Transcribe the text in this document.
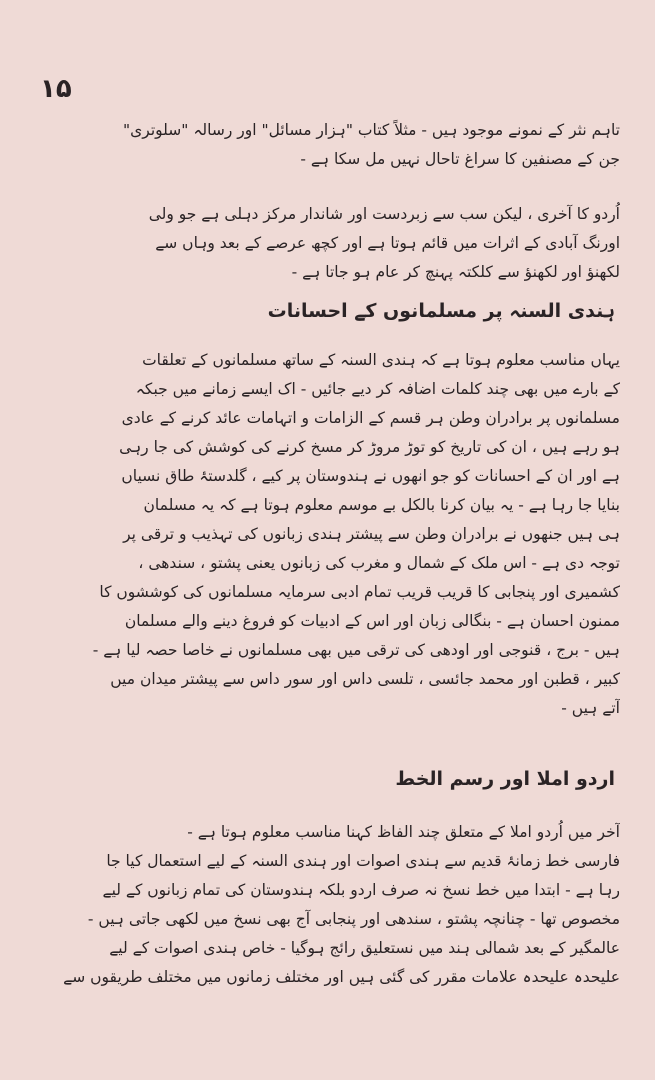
۱۵
تاہم نثر کے نمونے موجود ہیں - مثلاً کتاب "ہزار مسائل" اور رسالہ "سلوتری"
جن کے مصنفین کا سراغ تاحال نہیں مل سکا ہے -
اُردو کا آخری ، لیکن سب سے زبردست اور شاندار مرکز دہلی ہے جو ولی
اورنگ آبادی کے اثرات میں قائم ہوتا ہے اور کچھ عرصے کے بعد وہاں سے
لکھنؤ اور لکھنؤ سے کلکتہ پہنچ کر عام ہو جاتا ہے -
ہندی السنہ پر مسلمانوں کے احسانات
یہاں مناسب معلوم ہوتا ہے کہ ہندی السنہ کے ساتھ مسلمانوں کے تعلقات
کے بارے میں بھی چند کلمات اضافہ کر دیے جائیں - اک ایسے زمانے میں جبکہ
مسلمانوں پر برادران وطن ہر قسم کے الزامات و اتہامات عائد کرنے کے عادی
ہو رہے ہیں ، ان کی تاریخ کو توڑ مروڑ کر مسخ کرنے کی کوشش کی جا رہی
ہے اور ان کے احسانات کو جو انھوں نے ہندوستان پر کیے ، گلدستۂ طاق نسیاں
بنایا جا رہا ہے - یہ بیان کرنا بالکل بے موسم معلوم ہوتا ہے کہ یہ مسلمان
ہی ہیں جنھوں نے برادران وطن سے پیشتر ہندی زبانوں کی تہذیب و ترقی پر
توجہ دی ہے - اس ملک کے شمال و مغرب کی زبانوں یعنی پشتو ، سندھی ،
کشمیری اور پنجابی کا قریب قریب تمام ادبی سرمایہ مسلمانوں کی کوششوں کا
ممنون احسان ہے - بنگالی زبان اور اس کے ادبیات کو فروغ دینے والے مسلمان
ہیں - برج ، قنوجی اور اودھی کی ترقی میں بھی مسلمانوں نے خاصا حصہ لیا ہے -
کبیر ، قطبن اور محمد جائسی ، تلسی داس اور سور داس سے پیشتر میدان میں
آتے ہیں -
اردو املا اور رسم الخط
آخر میں اُردو املا کے متعلق چند الفاظ کہنا مناسب معلوم ہوتا ہے -
فارسی خط زمانۂ قدیم سے ہندی اصوات اور ہندی السنہ کے لیے استعمال کیا جا
رہا ہے - ابتدا میں خط نسخ نہ صرف اردو بلکہ ہندوستان کی تمام زبانوں کے لیے
مخصوص تھا - چنانچہ پشتو ، سندھی اور پنجابی آج بھی نسخ میں لکھی جاتی ہیں -
عالمگیر کے بعد شمالی ہند میں نستعلیق رائج ہوگیا - خاص ہندی اصوات کے لیے
علیحدہ علیحدہ علامات مقرر کی گئی ہیں اور مختلف زمانوں میں مختلف طریقوں سے
